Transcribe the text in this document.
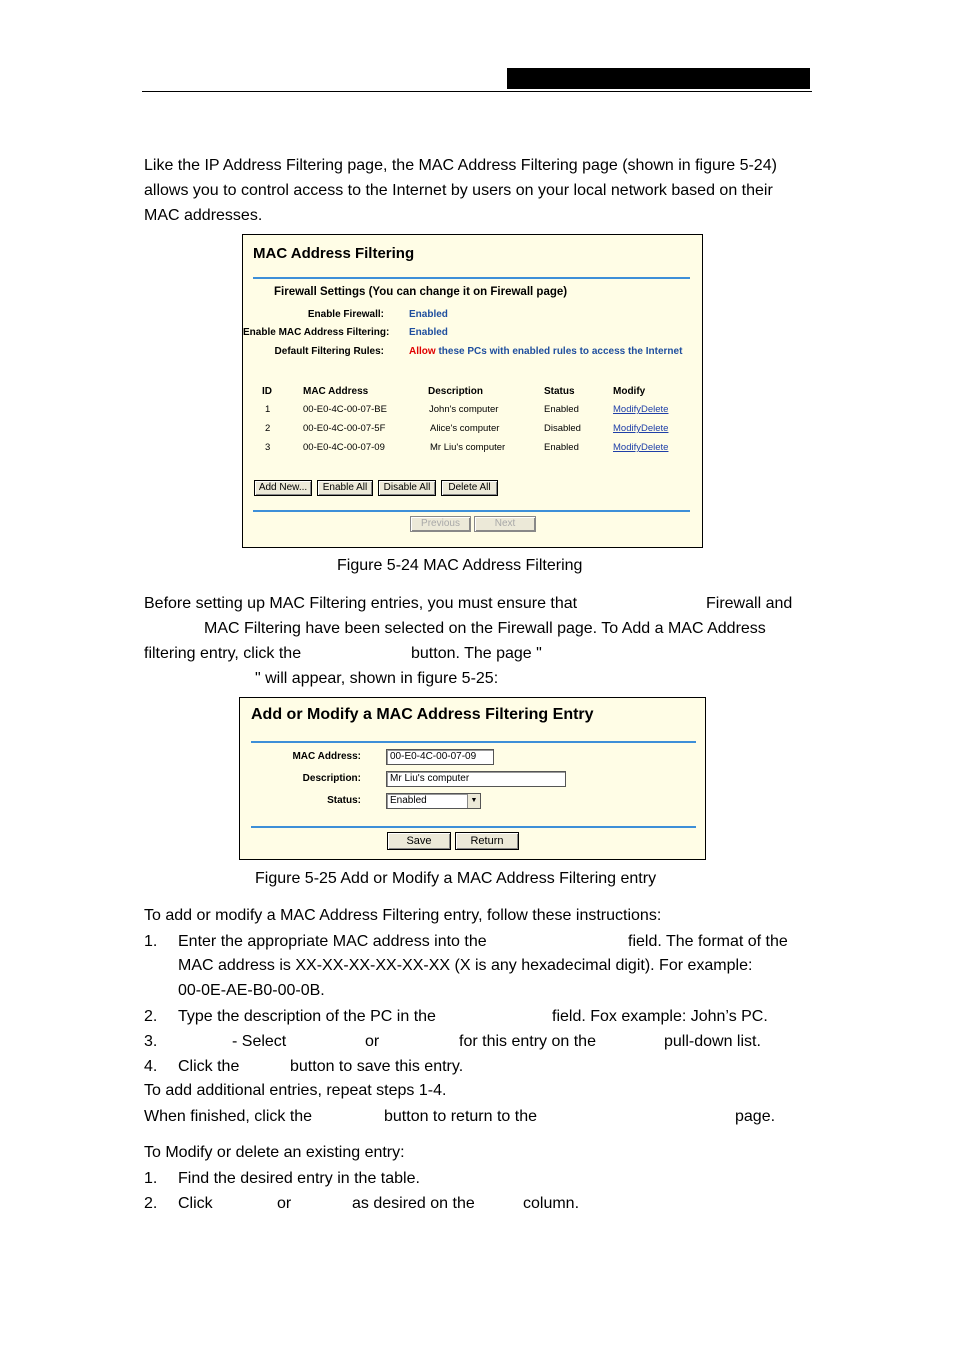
Like the IP Address Filtering page, the MAC Address Filtering page (shown in figure 5-24)
allows you to control access to the Internet by users on your local network based on their
MAC addresses.
MAC Address Filtering
Firewall Settings (You can change it on Firewall page)
Enable Firewall:	Enabled
Enable MAC Address Filtering: Enabled
Default Filtering Rules:	Allow these PCs with enabled rules to access the Internet
ID	MAC Address	Description	Status	Modify
1	00-E0-4C-00-07-BE	John's computer	Enabled	Modify Delete
2	00-E0-4C-00-07-5F	Alice's computer	Disabled	Modify Delete
3	00-E0-4C-00-07-09	Mr Liu's computer	Enabled	Modify Delete
Add New...	Enable All	Disable All	Delete All
Previous	Next
Figure 5-24 MAC Address Filtering
Before setting up MAC Filtering entries, you must ensure that	Firewall and
MAC Filtering have been selected on the Firewall page. To Add a MAC Address
filtering entry, click the	button. The page "
" will appear, shown in figure 5-25:
Add or Modify a MAC Address Filtering Entry
MAC Address:	00-E0-4C-00-07-09
Description:	Mr Liu's computer
Status:	Enabled	▼
Save	Return
Figure 5-25 Add or Modify a MAC Address Filtering entry
To add or modify a MAC Address Filtering entry, follow these instructions:
1. Enter the appropriate MAC address into the	field. The format of the
MAC address is XX-XX-XX-XX-XX-XX (X is any hexadecimal digit). For example:
00-0E-AE-B0-00-0B.
2. Type the description of the PC in the	field. Fox example: John’s PC.
3.	- Select	or	for this entry on the	pull-down list.
4. Click the	button to save this entry.
To add additional entries, repeat steps 1-4.
When finished, click the	button to return to the	page.
To Modify or delete an existing entry:
1. Find the desired entry in the table.
2. Click	or	as desired on the	column.
